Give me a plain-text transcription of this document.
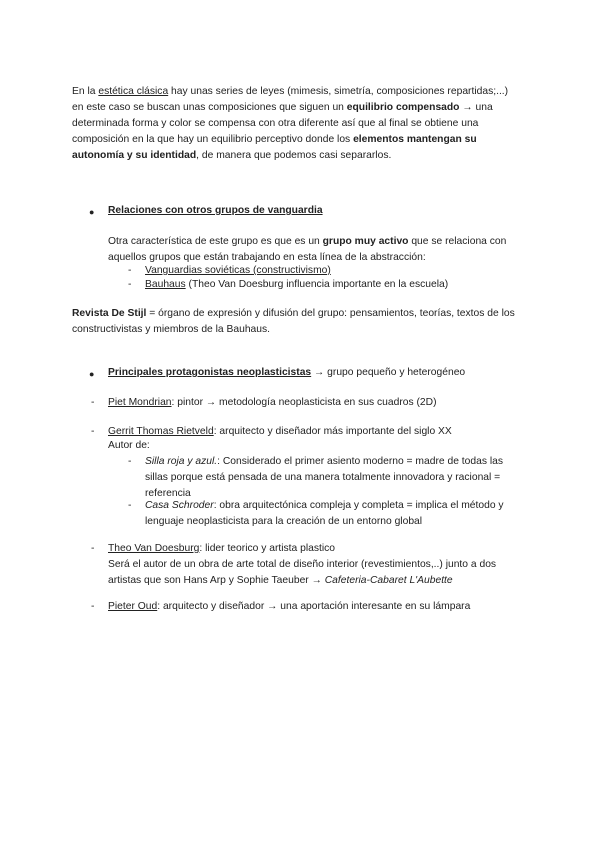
En la estética clásica hay unas series de leyes (mimesis, simetría, composiciones repartidas;...) en este caso se buscan unas composiciones que siguen un equilibrio compensado → una determinada forma y color se compensa con otra diferente así que al final se obtiene una composición en la que hay un equilibrio perceptivo donde los elementos mantengan su autonomía y su identidad, de manera que podemos casi separarlos.

● Relaciones con otros grupos de vanguardia

Otra característica de este grupo es que es un grupo muy activo que se relaciona con aquellos grupos que están trabajando en esta línea de la abstracción:

- Vanguardias soviéticas (constructivismo)
- Bauhaus (Theo Van Doesburg influencia importante en la escuela)

Revista De Stijl = órgano de expresión y difusión del grupo: pensamientos, teorías, textos de los constructivistas y miembros de la Bauhaus.

● Principales protagonistas neoplasticistas → grupo pequeño y heterogéneo
- Piet Mondrian: pintor → metodología neoplasticista en sus cuadros (2D)
- Gerrit Thomas Rietveld: arquitecto y diseñador más importante del siglo XX
Autor de:
- Silla roja y azul.: Considerado el primer asiento moderno = madre de todas las sillas porque está pensada de una manera totalmente innovadora y racional = referencia

- Casa Schroder: obra arquitectónica compleja y completa = implica el método y lenguaje neoplasticista para la creación de un entorno global

- Theo Van Doesburg: lider teorico y artista plastico

Será el autor de un obra de arte total de diseño interior (revestimientos,..) junto a dos artistas que son Hans Arp y Sophie Taeuber → Cafeteria-Cabaret L'Aubette

- Pieter Oud: arquitecto y diseñador → una aportación interesante en su lámpara
